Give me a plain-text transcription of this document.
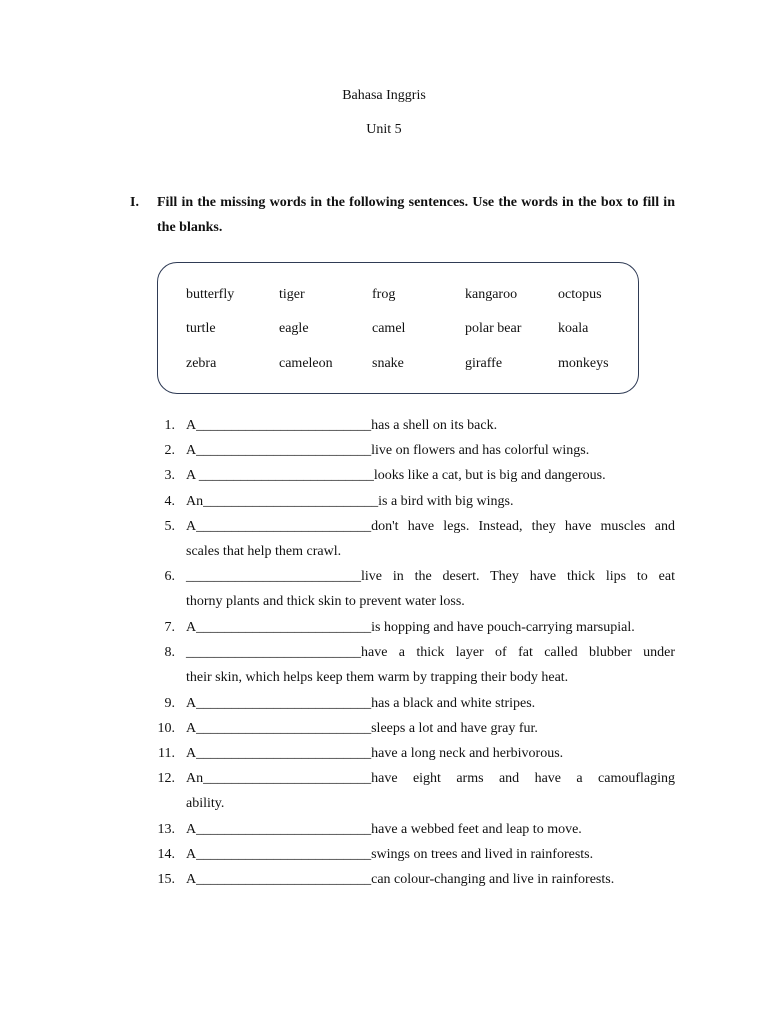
Bahasa Inggris
Unit 5
I. Fill in the missing words in the following sentences. Use the words in the box to fill in the blanks.
butterfly	tiger	frog	kangaroo	octopus
turtle	eagle	camel	polar bear	koala
zebra	cameleon	snake	giraffe	monkeys
1. A_________________________has a shell on its back.
2. A_________________________live on flowers and has colorful wings.
3. A _________________________looks like a cat, but is big and dangerous.
4. An_________________________is a bird with big wings.
5. A_________________________don't have legs. Instead, they have muscles and
scales that help them crawl.
6. _________________________live in the desert. They have thick lips to eat
thorny plants and thick skin to prevent water loss.
7. A_________________________is hopping and have pouch-carrying marsupial.
8. _________________________have a thick layer of fat called blubber under
their skin, which helps keep them warm by trapping their body heat.
9. A_________________________has a black and white stripes.
10. A_________________________sleeps a lot and have gray fur.
11. A_________________________have a long neck and herbivorous.
12. An________________________have eight arms and have a camouflaging
ability.
13. A_________________________have a webbed feet and leap to move.
14. A_________________________swings on trees and lived in rainforests.
15. A_________________________can colour-changing and live in rainforests.
